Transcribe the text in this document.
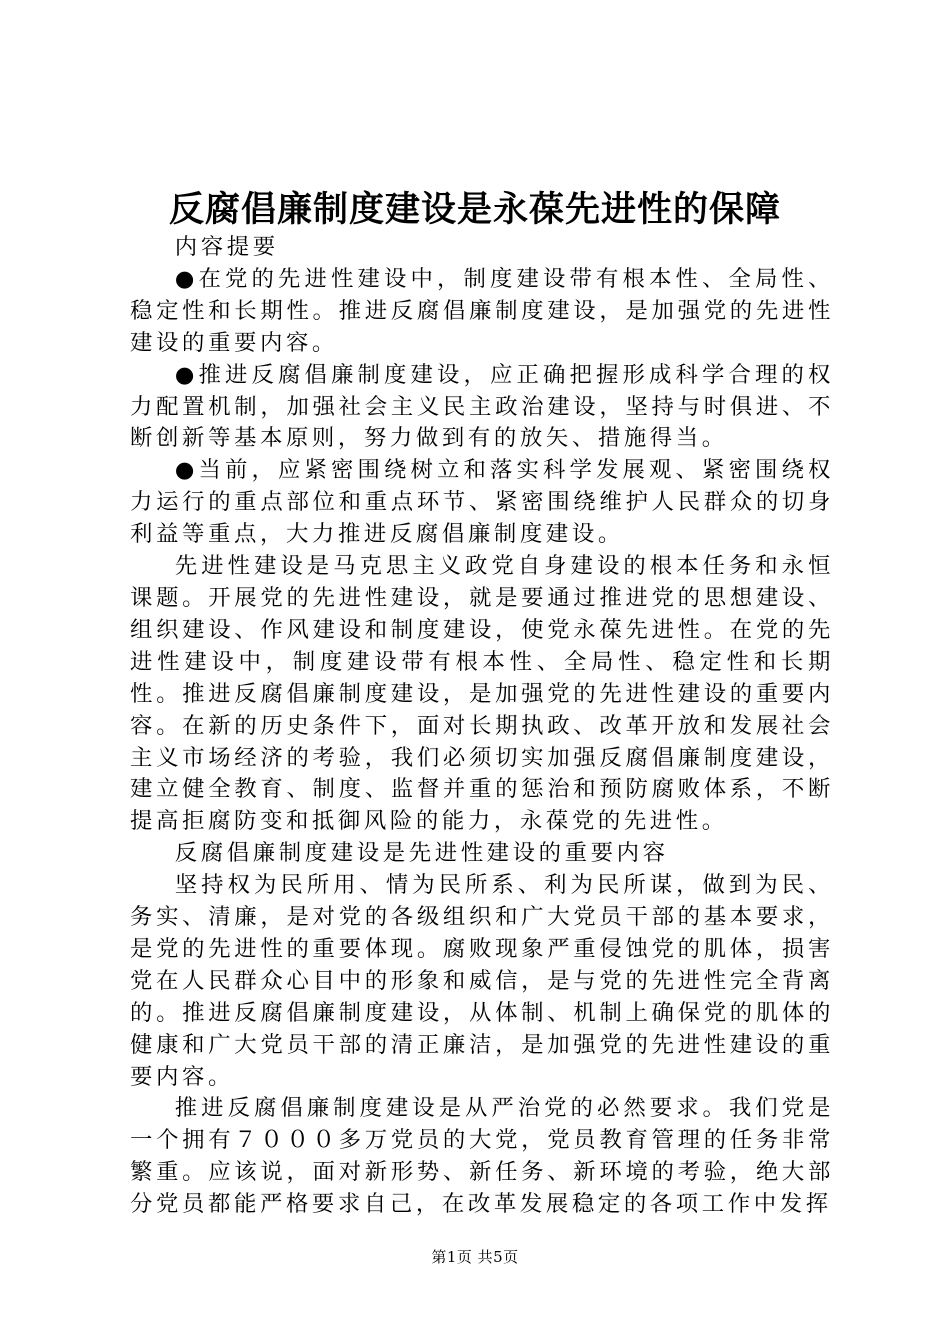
反腐倡廉制度建设是永葆先进性的保障

内容提要

●在党的先进性建设中，制度建设带有根本性、全局性、稳定性和长期性。推进反腐倡廉制度建设，是加强党的先进性建设的重要内容。

●推进反腐倡廉制度建设，应正确把握形成科学合理的权力配置机制，加强社会主义民主政治建设，坚持与时俱进、不断创新等基本原则，努力做到有的放矢、措施得当。

●当前，应紧密围绕树立和落实科学发展观、紧密围绕权力运行的重点部位和重点环节、紧密围绕维护人民群众的切身利益等重点，大力推进反腐倡廉制度建设。

先进性建设是马克思主义政党自身建设的根本任务和永恒课题。开展党的先进性建设，就是要通过推进党的思想建设、组织建设、作风建设和制度建设，使党永葆先进性。在党的先进性建设中，制度建设带有根本性、全局性、稳定性和长期性。推进反腐倡廉制度建设，是加强党的先进性建设的重要内容。在新的历史条件下，面对长期执政、改革开放和发展社会主义市场经济的考验，我们必须切实加强反腐倡廉制度建设，建立健全教育、制度、监督并重的惩治和预防腐败体系，不断提高拒腐防变和抵御风险的能力，永葆党的先进性。

反腐倡廉制度建设是先进性建设的重要内容

坚持权为民所用、情为民所系、利为民所谋，做到为民、务实、清廉，是对党的各级组织和广大党员干部的基本要求，是党的先进性的重要体现。腐败现象严重侵蚀党的肌体，损害党在人民群众心目中的形象和威信，是与党的先进性完全背离的。推进反腐倡廉制度建设，从体制、机制上确保党的肌体的健康和广大党员干部的清正廉洁，是加强党的先进性建设的重要内容。

推进反腐倡廉制度建设是从严治党的必然要求。我们党是一个拥有７０００多万党员的大党，党员教育管理的任务非常繁重。应该说，面对新形势、新任务、新环境的考验，绝大部分党员都能严格要求自己，在改革发展稳定的各项工作中发挥

第1页 共5页
